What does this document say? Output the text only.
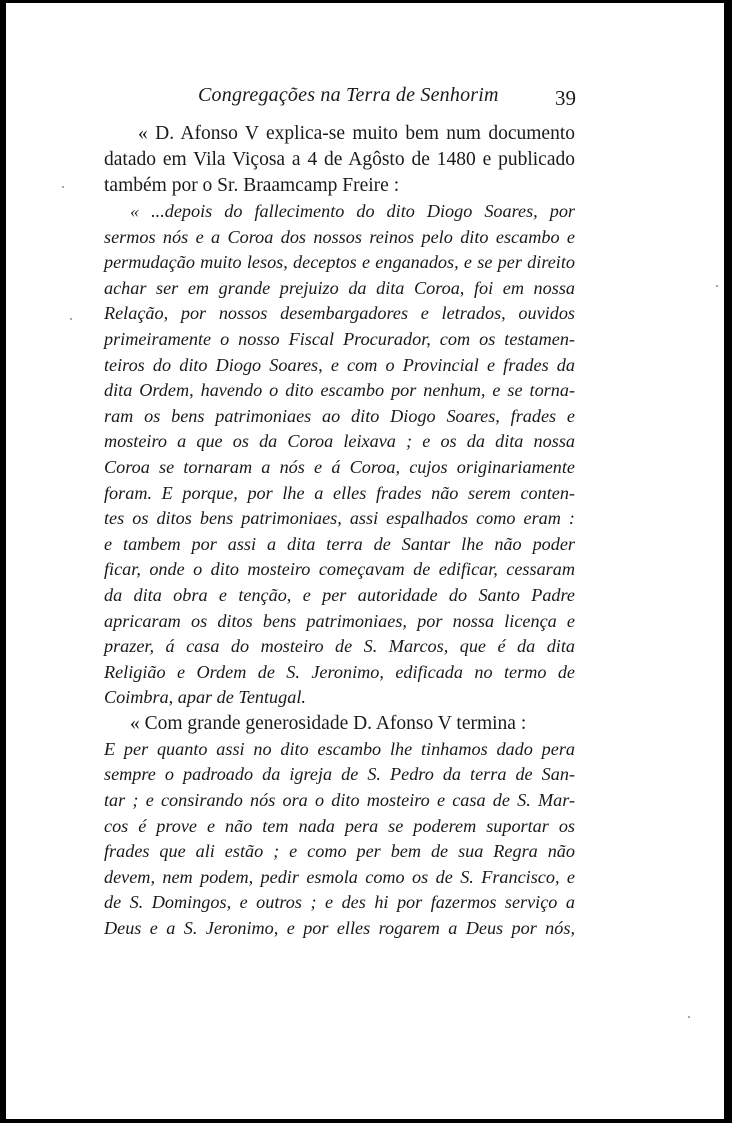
Congregações na Terra de Senhorim	39
« D. Afonso V explica-se muito bem num documento
datado em Vila Viçosa a 4 de Agôsto de 1480 e publicado
também por o Sr. Braamcamp Freire :
« ...depois do fallecimento do dito Diogo Soares, por
sermos nós e a Coroa dos nossos reinos pelo dito escambo e
permudação muito lesos, deceptos e enganados, e se per direito
achar ser em grande prejuizo da dita Coroa, foi em nossa
Relação, por nossos desembargadores e letrados, ouvidos
primeiramente o nosso Fiscal Procurador, com os testamen-
teiros do dito Diogo Soares, e com o Provincial e frades da
dita Ordem, havendo o dito escambo por nenhum, e se torna-
ram os bens patrimoniaes ao dito Diogo Soares, frades e
mosteiro a que os da Coroa leixava ; e os da dita nossa
Coroa se tornaram a nós e á Coroa, cujos originariamente
foram. E porque, por lhe a elles frades não serem conten-
tes os ditos bens patrimoniaes, assi espalhados como eram :
e tambem por assi a dita terra de Santar lhe não poder
ficar, onde o dito mosteiro começavam de edificar, cessaram
da dita obra e tenção, e per autoridade do Santo Padre
apricaram os ditos bens patrimoniaes, por nossa licença e
prazer, á casa do mosteiro de S. Marcos, que é da dita
Religião e Ordem de S. Jeronimo, edificada no termo de
Coimbra, apar de Tentugal.
« Com grande generosidade D. Afonso V termina :
E per quanto assi no dito escambo lhe tinhamos dado pera
sempre o padroado da igreja de S. Pedro da terra de San-
tar ; e consirando nós ora o dito mosteiro e casa de S. Mar-
cos é prove e não tem nada pera se poderem suportar os
frades que ali estão ; e como per bem de sua Regra não
devem, nem podem, pedir esmola como os de S. Francisco, e
de S. Domingos, e outros ; e des hi por fazermos serviço a
Deus e a S. Jeronimo, e por elles rogarem a Deus por nós,
